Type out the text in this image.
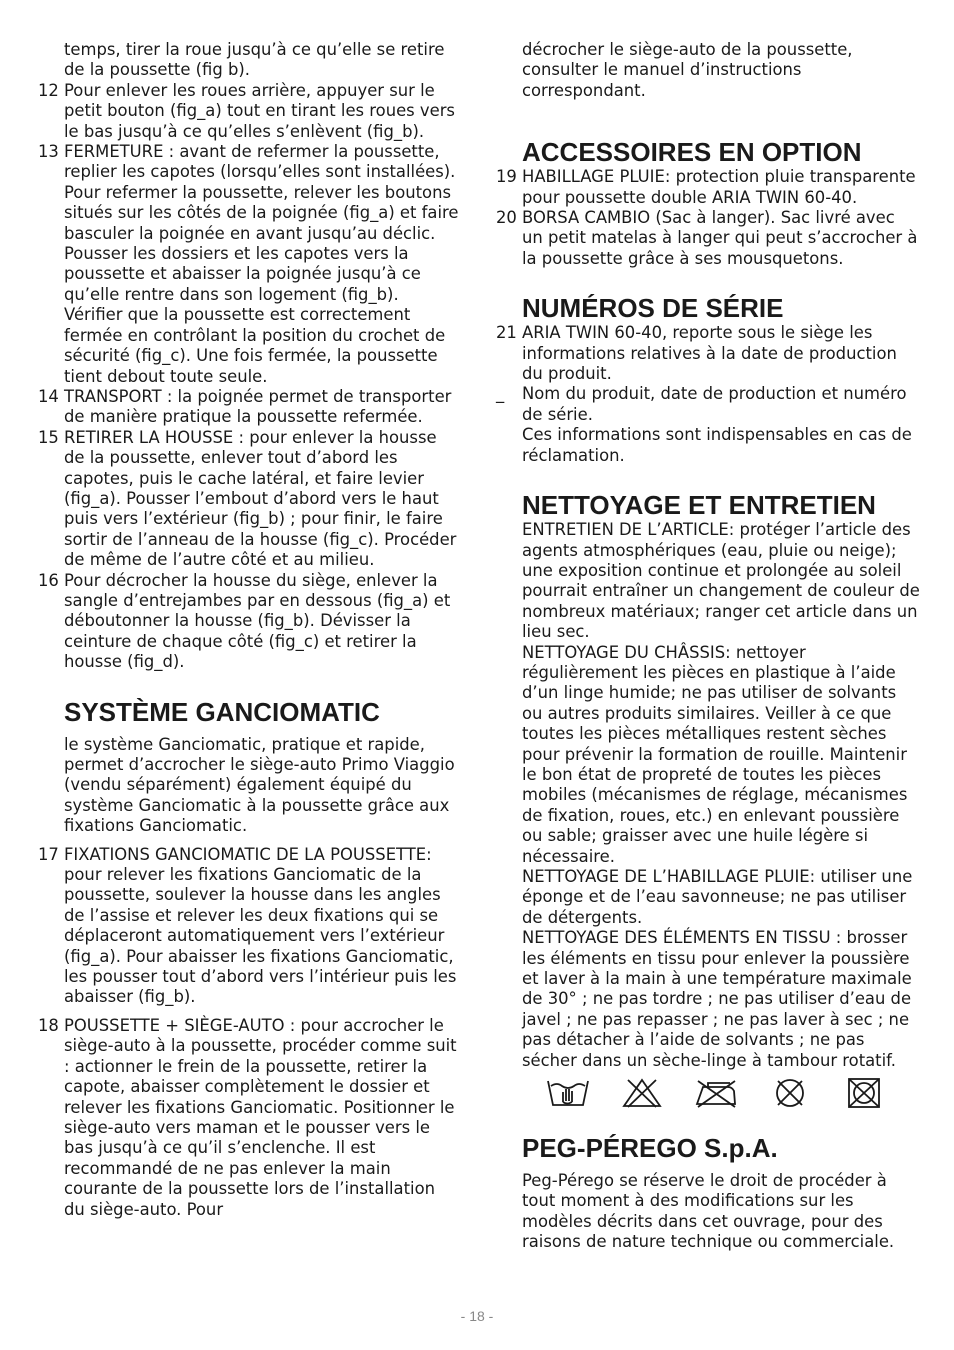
temps, tirer la roue jusqu’à ce qu’elle se retire de la poussette (fig b).

12 Pour enlever les roues arrière, appuyer sur le petit bouton (fig_a) tout en tirant les roues vers le bas jusqu’à ce qu’elles s’enlèvent (fig_b).
13 FERMETURE : avant de refermer la poussette, replier les capotes (lorsqu’elles sont installées). Pour refermer la poussette, relever les boutons situés sur les côtés de la poignée (fig_a) et faire basculer la poignée en avant jusqu’au déclic. Pousser les dossiers et les capotes vers la poussette et abaisser la poignée jusqu’à ce qu’elle rentre dans son logement (fig_b). Vérifier que la poussette est correctement fermée en contrôlant la position du crochet de sécurité (fig_c). Une fois fermée, la poussette tient debout toute seule.
14 TRANSPORT : la poignée permet de transporter de manière pratique la poussette refermée.
15 RETIRER LA HOUSSE : pour enlever la housse de la poussette, enlever tout d’abord les capotes, puis le cache latéral, et faire levier (fig_a). Pousser l’embout d’abord vers le haut puis vers l’extérieur (fig_b) ; pour finir, le faire sortir de l’anneau de la housse (fig_c). Procéder de même de l’autre côté et au milieu.
16 Pour décrocher la housse du siège, enlever la sangle d’entrejambes par en dessous (fig_a) et déboutonner la housse (fig_b). Dévisser la ceinture de chaque côté (fig_c) et retirer la housse (fig_d).
SYSTÈME GANCIOMATIC

le système Ganciomatic, pratique et rapide, permet d’accrocher le siège-auto Primo Viaggio (vendu séparément) également équipé du système Ganciomatic à la poussette grâce aux fixations Ganciomatic.

17 FIXATIONS GANCIOMATIC DE LA POUSSETTE: pour relever les fixations Ganciomatic de la poussette, soulever la housse dans les angles de l’assise et relever les deux fixations qui se déplaceront automatiquement vers l’extérieur (fig_a). Pour abaisser les fixations Ganciomatic, les pousser tout d’abord vers l’intérieur puis les abaisser (fig_b).
18 POUSSETTE + SIÈGE-AUTO : pour accrocher le siège-auto à la poussette, procéder comme suit : actionner le frein de la poussette, retirer la capote, abaisser complètement le dossier et relever les fixations Ganciomatic. Positionner le siège-auto vers maman et le pousser vers le bas jusqu’à ce qu’il s’enclenche. Il est recommandé de ne pas enlever la main courante de la poussette lors de l’installation du siège-auto. Pour

décrocher le siège-auto de la poussette, consulter le manuel d’instructions correspondant.

ACCESSOIRES EN OPTION
19 HABILLAGE PLUIE: protection pluie transparente pour poussette double ARIA TWIN 60-40.
20 BORSA CAMBIO (Sac à langer). Sac livré avec un petit matelas à langer qui peut s’accrocher à la poussette grâce à ses mousquetons.
NUMÉROS DE SÉRIE
21 ARIA TWIN 60-40, reporte sous le siège les informations relatives à la date de production du produit.
_	Nom du produit, date de production et numéro de série.

Ces informations sont indispensables en cas de réclamation.

NETTOYAGE ET ENTRETIEN

ENTRETIEN DE L’ARTICLE: protéger l’article des agents atmosphériques (eau, pluie ou neige); une exposition continue et prolongée au soleil pourrait entraîner un changement de couleur de nombreux matériaux; ranger cet article dans un lieu sec.

NETTOYAGE DU CHÂSSIS: nettoyer régulièrement les pièces en plastique à l’aide d’un linge humide; ne pas utiliser de solvants ou autres produits similaires. Veiller à ce que toutes les pièces métalliques restent sèches pour prévenir la formation de rouille. Maintenir le bon état de propreté de toutes les pièces mobiles (mécanismes de réglage, mécanismes de fixation, roues, etc.) en enlevant poussière ou sable; graisser avec une huile légère si nécessaire.

NETTOYAGE DE L’HABILLAGE PLUIE: utiliser une éponge et de l’eau savonneuse; ne pas utiliser de détergents.

NETTOYAGE DES ÉLÉMENTS EN TISSU : brosser les éléments en tissu pour enlever la poussière et laver à la main à une température maximale de 30° ; ne pas tordre ; ne pas utiliser d’eau de javel ; ne pas repasser ; ne pas laver à sec ; ne pas détacher à l’aide de solvants ; ne pas sécher dans un sèche-linge à tambour rotatif.

PEG-PÉREGO S.p.A.

Peg-Pérego se réserve le droit de procéder à tout moment à des modifications sur les modèles décrits dans cet ouvrage, pour des raisons de nature technique ou commerciale.

- 18 -
